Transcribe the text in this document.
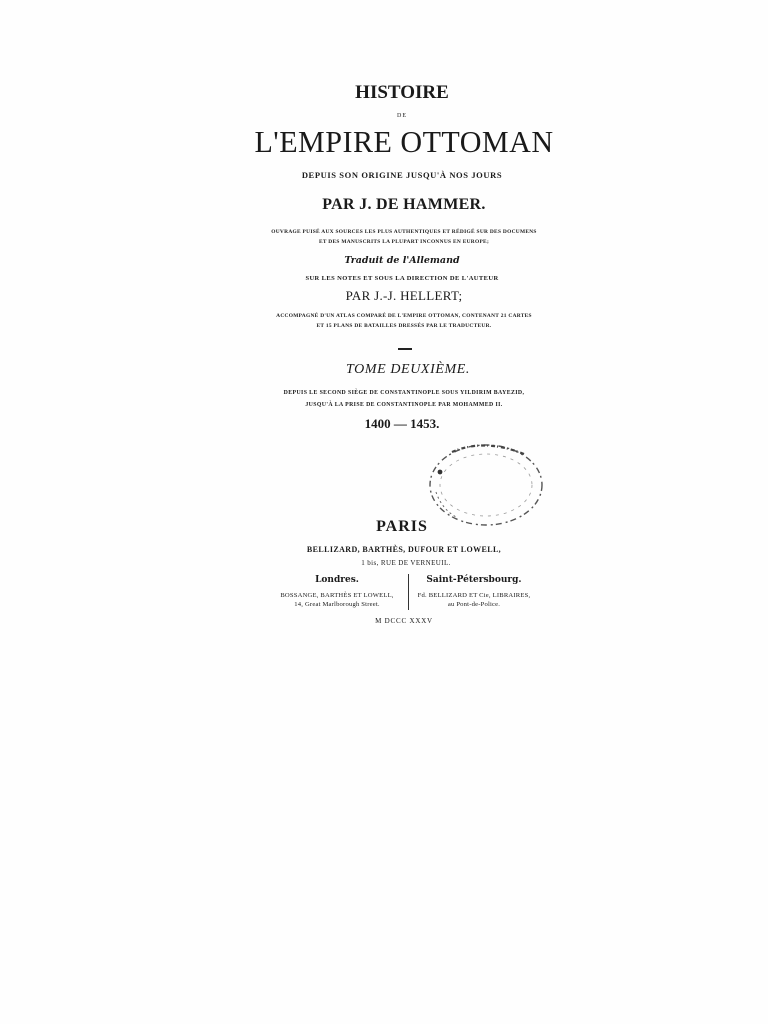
HISTOIRE
DE
L'EMPIRE OTTOMAN
DEPUIS SON ORIGINE JUSQU'À NOS JOURS
PAR J. DE HAMMER.
OUVRAGE PUISÉ AUX SOURCES LES PLUS AUTHENTIQUES ET RÉDIGÉ SUR DES DOCUMENS
ET DES MANUSCRITS LA PLUPART INCONNUS EN EUROPE;
Traduit de l'Allemand
SUR LES NOTES ET SOUS LA DIRECTION DE L'AUTEUR
PAR J.-J. HELLERT;
ACCOMPAGNÉ D'UN ATLAS COMPARÉ DE L'EMPIRE OTTOMAN, CONTENANT 21 CARTES
ET 15 PLANS DE BATAILLES DRESSÉS PAR LE TRADUCTEUR.
TOME DEUXIÈME.
DEPUIS LE SECOND SIÈGE DE CONSTANTINOPLE SOUS YILDIRIM BAYEZID,
JUSQU'À LA PRISE DE CONSTANTINOPLE PAR MOHAMMED II.
1400 — 1453.
PARIS
BELLIZARD, BARTHÈS, DUFOUR ET LOWELL,
1 bis, RUE DE VERNEUIL.
Londres.
BOSSANGE, BARTHÈS ET LOWELL,
14, Great Marlborough Street.
Saint-Pétersbourg.
Fd. BELLIZARD ET Cie, LIBRAIRES,
au Pont-de-Police.
M DCCC XXXV
